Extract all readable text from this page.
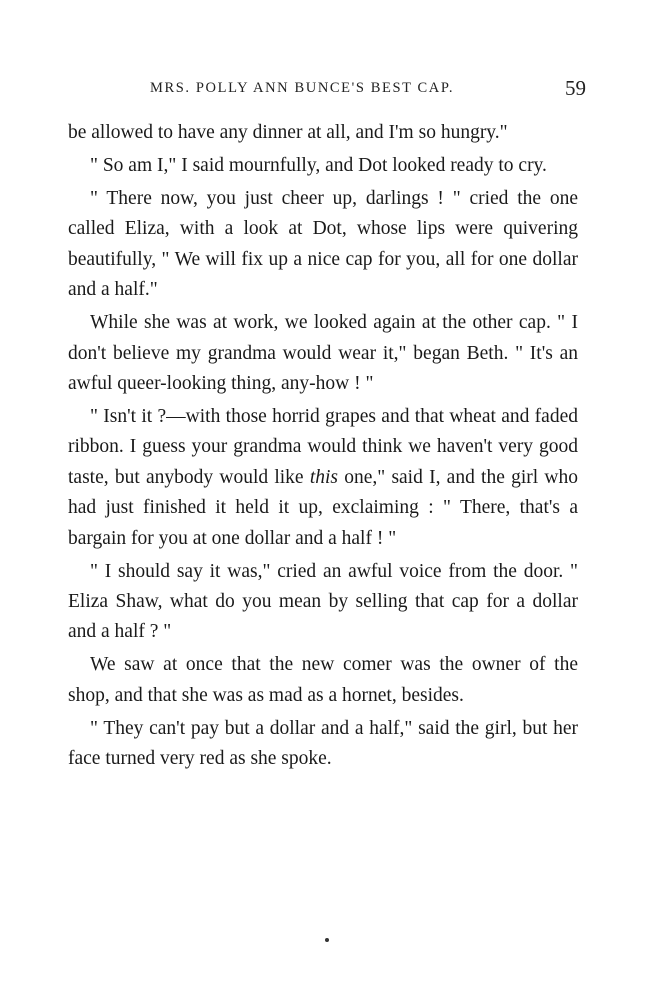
MRS. POLLY ANN BUNCE'S BEST CAP.	59

be allowed to have any dinner at all, and I'm so hungry."

" So am I," I said mournfully, and Dot looked ready to cry.

" There now, you just cheer up, darlings ! " cried the one called Eliza, with a look at Dot, whose lips were quivering beautifully, " We will fix up a nice cap for you, all for one dollar and a half."

While she was at work, we looked again at the other cap. " I don't believe my grandma would wear it," began Beth. " It's an awful queer-looking thing, any-how ! "

" Isn't it ?—with those horrid grapes and that wheat and faded ribbon. I guess your grandma would think we haven't very good taste, but anybody would like this one," said I, and the girl who had just finished it held it up, exclaiming : " There, that's a bargain for you at one dollar and a half ! "

" I should say it was," cried an awful voice from the door. " Eliza Shaw, what do you mean by selling that cap for a dollar and a half ? "

We saw at once that the new comer was the owner of the shop, and that she was as mad as a hornet, besides.

" They can't pay but a dollar and a half," said the girl, but her face turned very red as she spoke.
